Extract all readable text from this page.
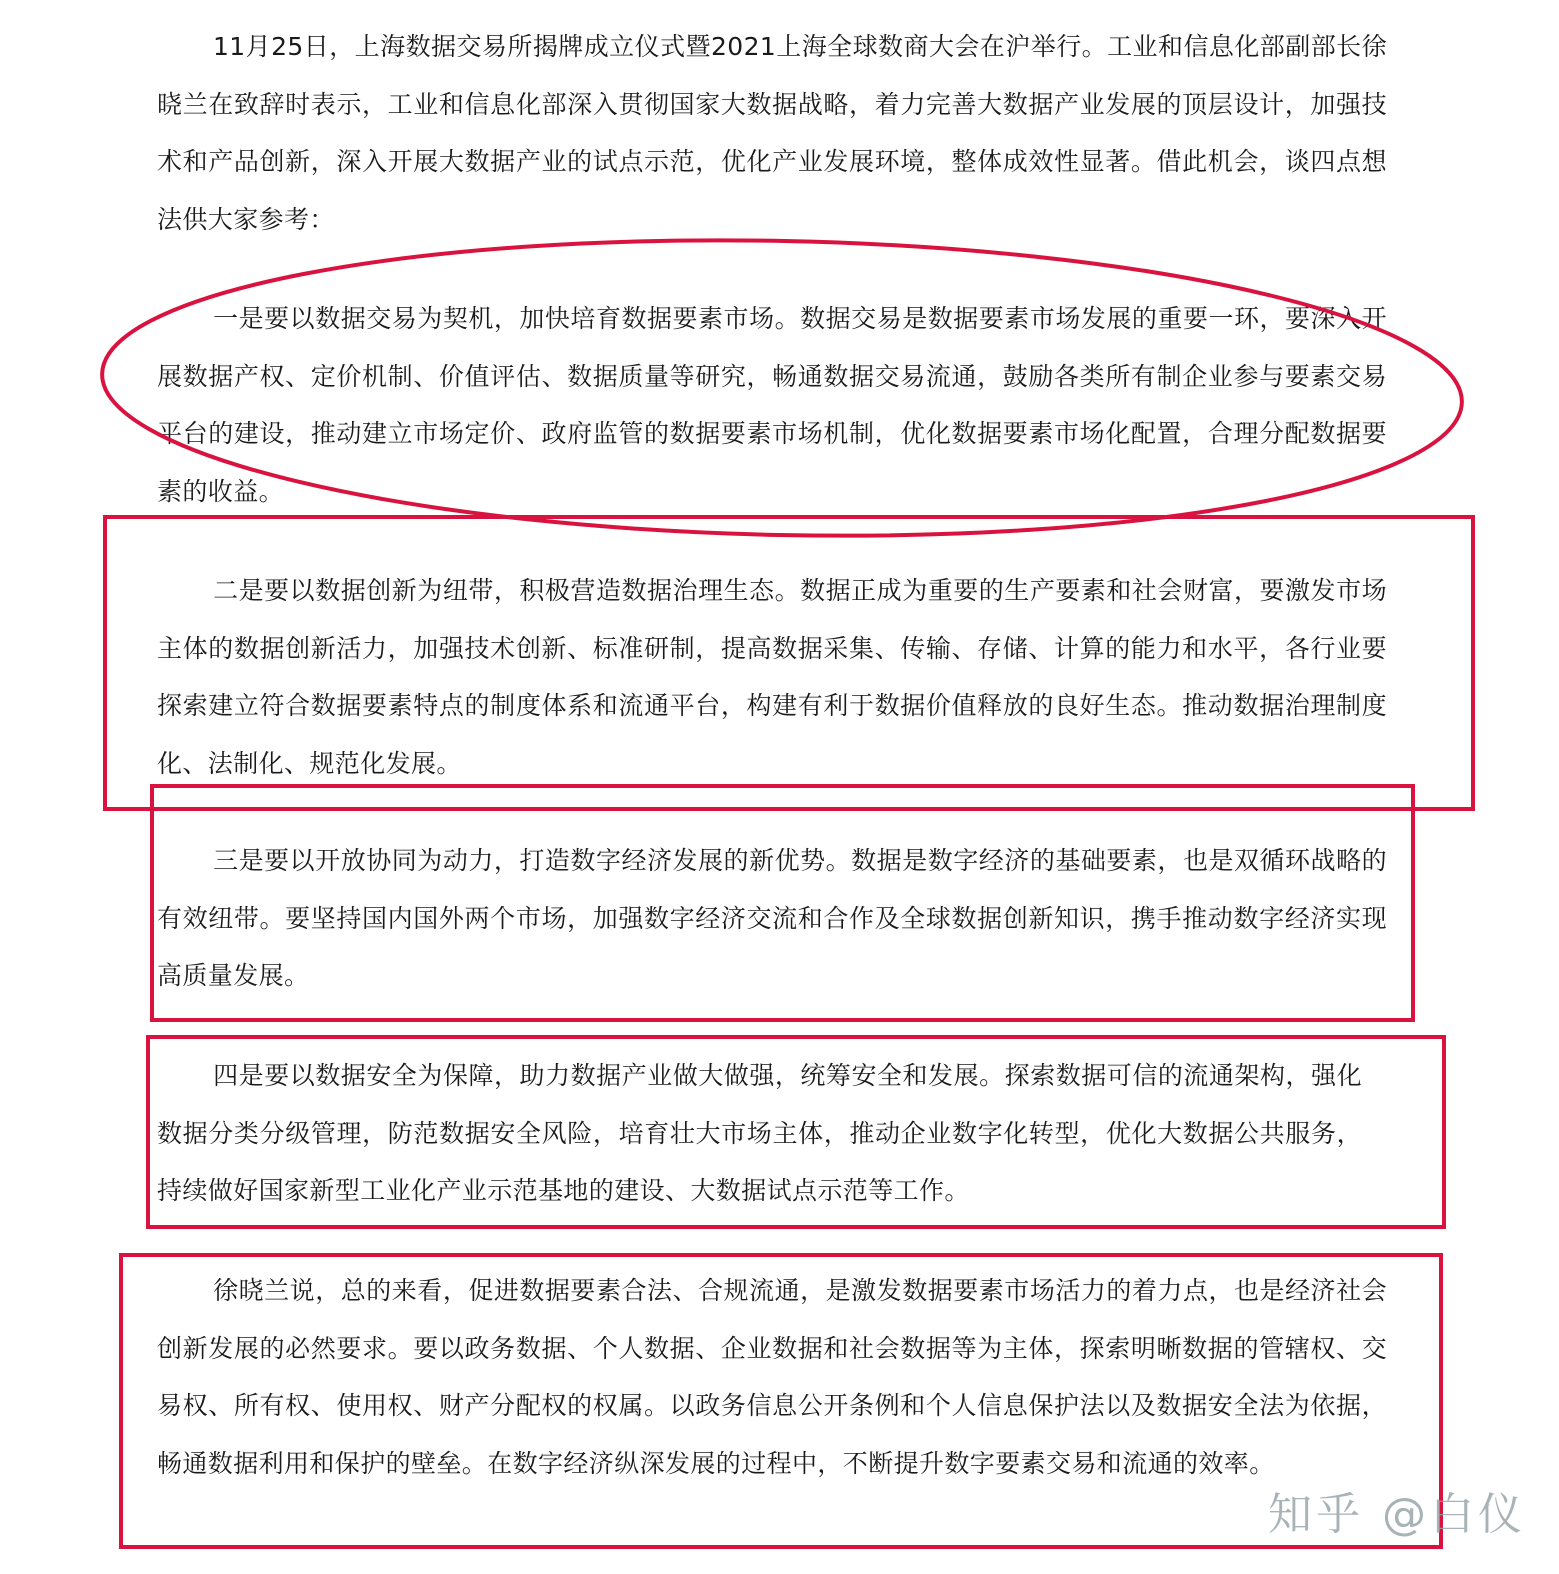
11月25日，上海数据交易所揭牌成立仪式暨2021上海全球数商大会在沪举行。工业和信息化部副部长徐晓兰在致辞时表示，工业和信息化部深入贯彻国家大数据战略，着力完善大数据产业发展的顶层设计，加强技术和产品创新，深入开展大数据产业的试点示范，优化产业发展环境，整体成效性显著。借此机会，谈四点想法供大家参考：

一是要以数据交易为契机，加快培育数据要素市场。数据交易是数据要素市场发展的重要一环，要深入开展数据产权、定价机制、价值评估、数据质量等研究，畅通数据交易流通，鼓励各类所有制企业参与要素交易平台的建设，推动建立市场定价、政府监管的数据要素市场机制，优化数据要素市场化配置，合理分配数据要素的收益。

二是要以数据创新为纽带，积极营造数据治理生态。数据正成为重要的生产要素和社会财富，要激发市场主体的数据创新活力，加强技术创新、标准研制，提高数据采集、传输、存储、计算的能力和水平，各行业要探索建立符合数据要素特点的制度体系和流通平台，构建有利于数据价值释放的良好生态。推动数据治理制度化、法制化、规范化发展。

三是要以开放协同为动力，打造数字经济发展的新优势。数据是数字经济的基础要素，也是双循环战略的有效纽带。要坚持国内国外两个市场，加强数字经济交流和合作及全球数据创新知识，携手推动数字经济实现高质量发展。

四是要以数据安全为保障，助力数据产业做大做强，统筹安全和发展。探索数据可信的流通架构，强化数据分类分级管理，防范数据安全风险，培育壮大市场主体，推动企业数字化转型，优化大数据公共服务，持续做好国家新型工业化产业示范基地的建设、大数据试点示范等工作。

徐晓兰说，总的来看，促进数据要素合法、合规流通，是激发数据要素市场活力的着力点，也是经济社会创新发展的必然要求。要以政务数据、个人数据、企业数据和社会数据等为主体，探索明晰数据的管辖权、交易权、所有权、使用权、财产分配权的权属。以政务信息公开条例和个人信息保护法以及数据安全法为依据，畅通数据利用和保护的壁垒。在数字经济纵深发展的过程中，不断提升数字要素交易和流通的效率。

知乎 @白仪
